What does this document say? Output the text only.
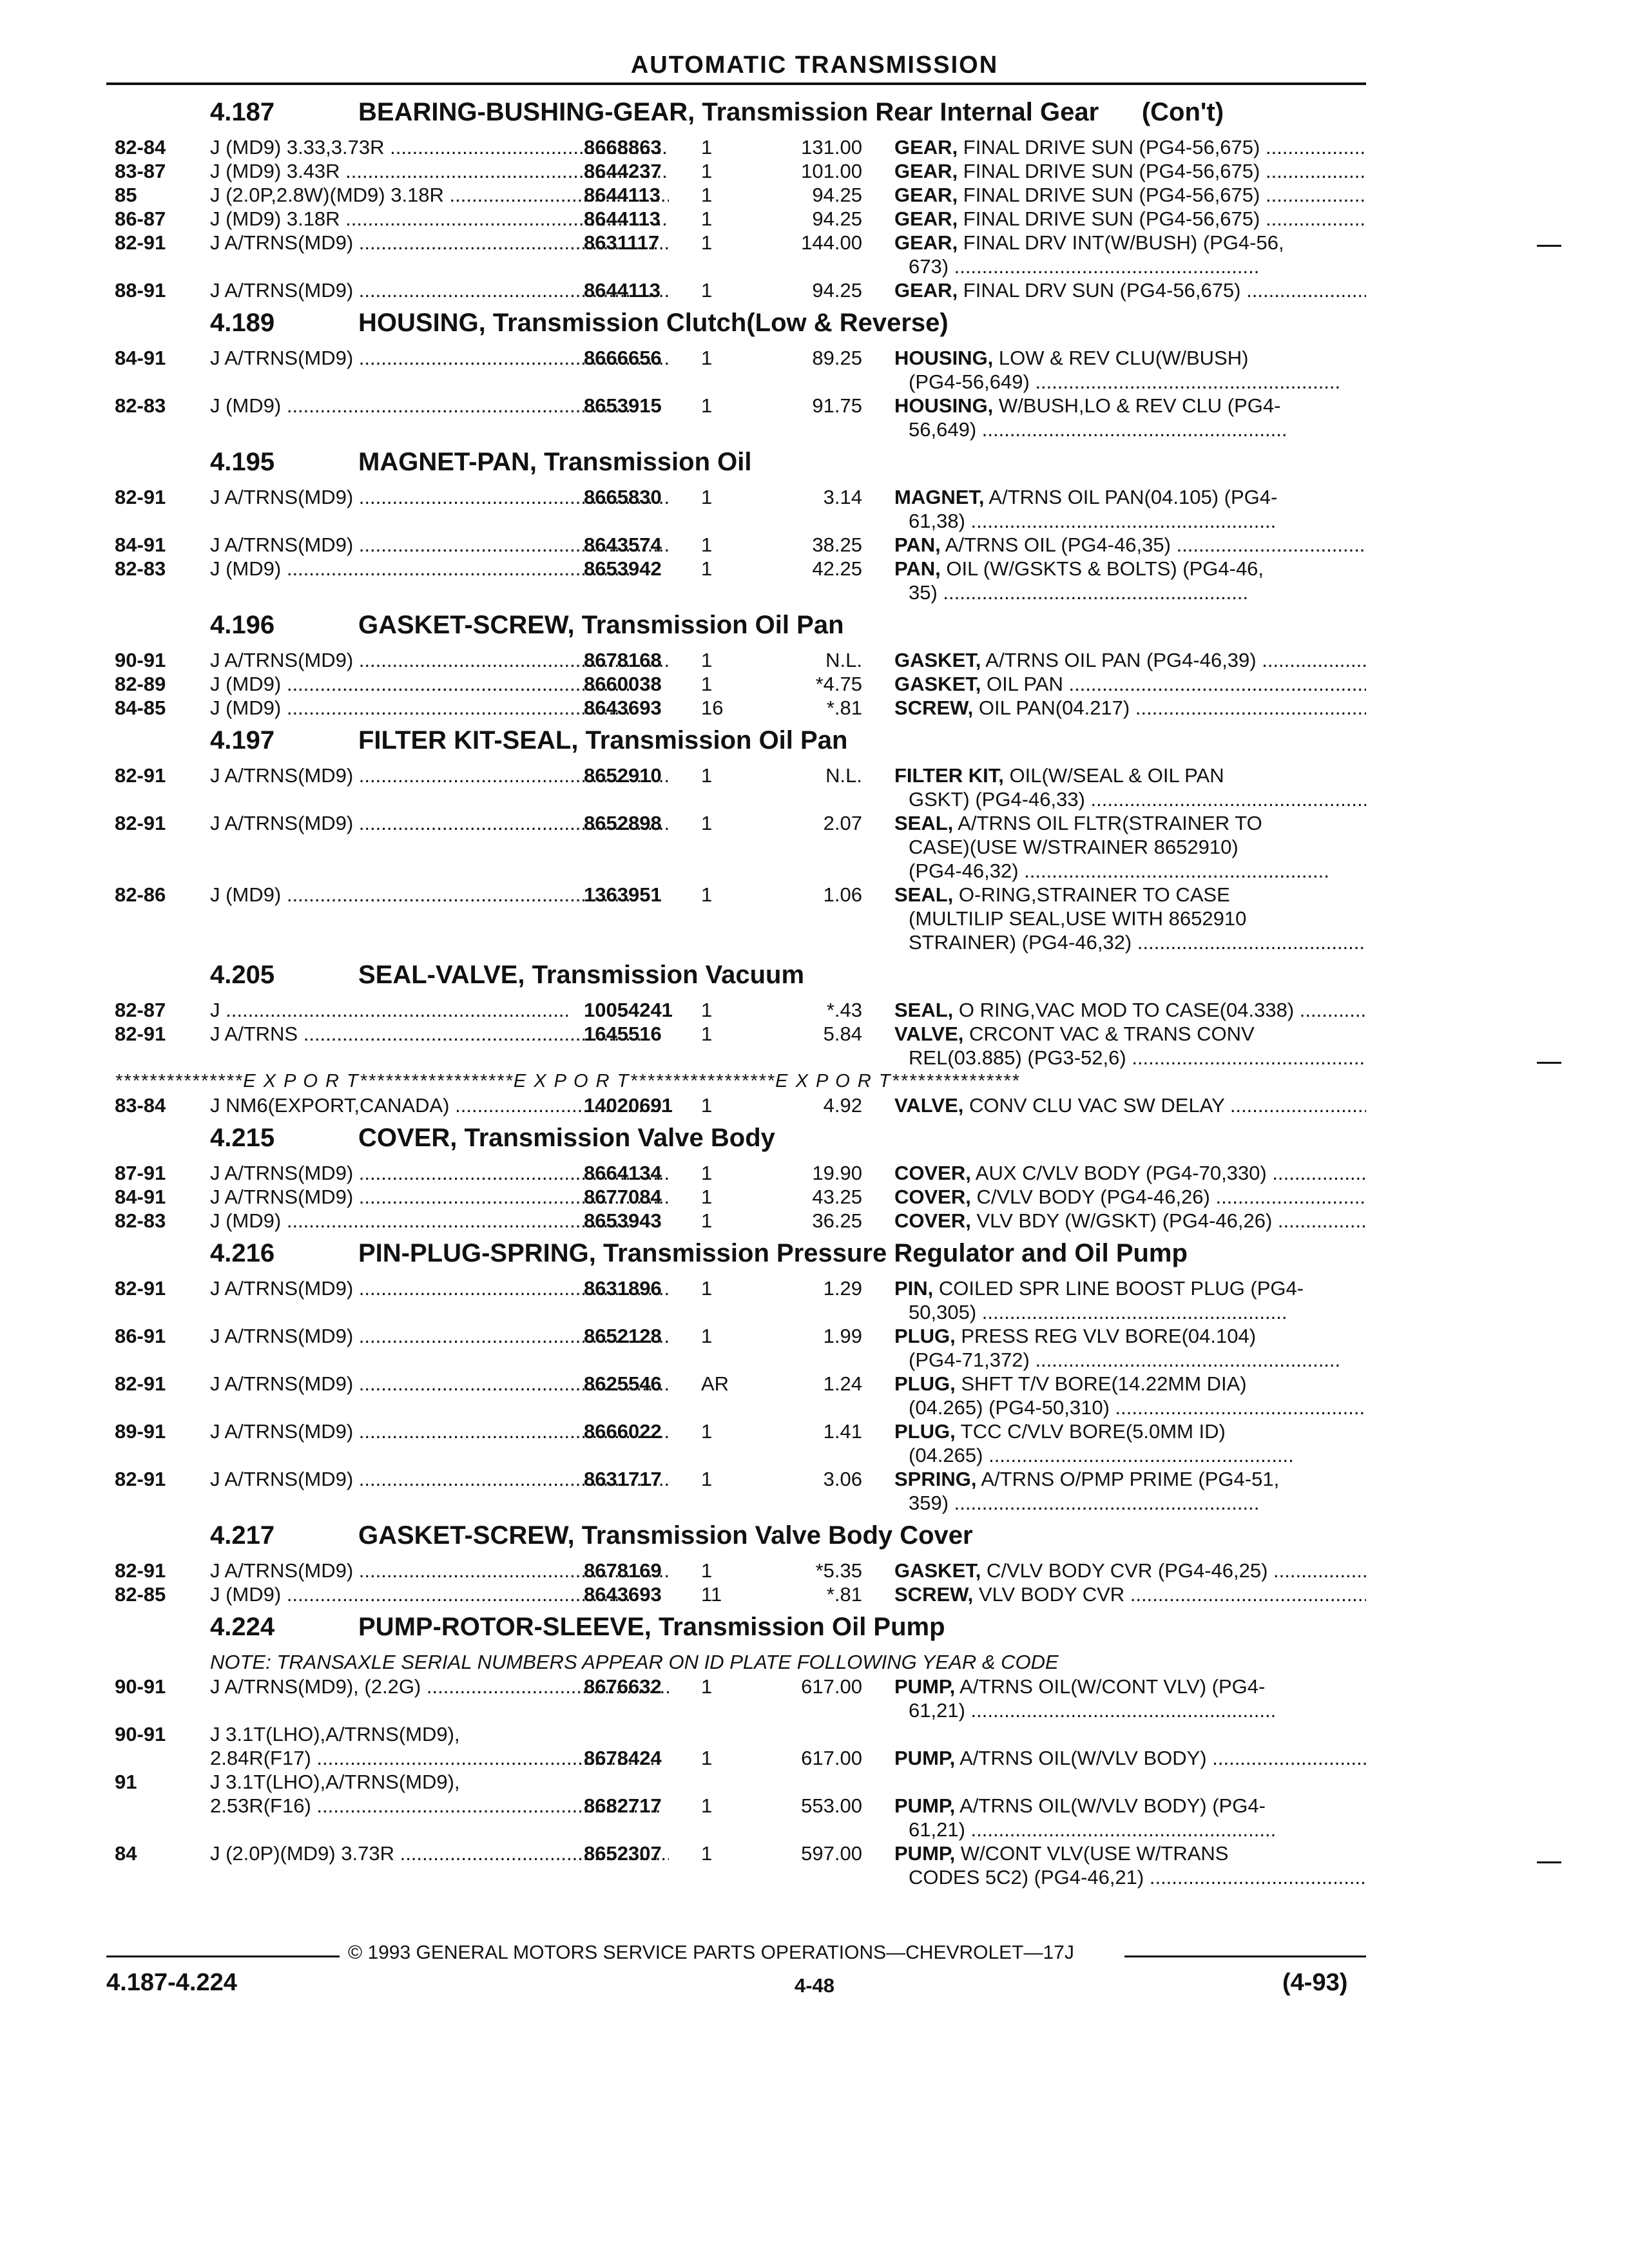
AUTOMATIC TRANSMISSION
4.187	BEARING-BUSHING-GEAR, Transmission Rear Internal Gear      (Con't)
82-84 J (MD9) 3.33,3.73R .....	8668863 1	131.00 GEAR, FINAL DRIVE SUN (PG4-56,675) .....
83-87 J (MD9) 3.43R .....	8644237 1	101.00 GEAR, FINAL DRIVE SUN (PG4-56,675) .....
85	J (2.0P,2.8W)(MD9) 3.18R .....	8644113 1	94.25 GEAR, FINAL DRIVE SUN (PG4-56,675) .....
86-87 J (MD9) 3.18R .....	8644113 1	94.25 GEAR, FINAL DRIVE SUN (PG4-56,675) .....
82-91 J A/TRNS(MD9) .....	8631117 1	144.00 GEAR, FINAL DRV INT(W/BUSH) (PG4-56,
673) .....
88-91 J A/TRNS(MD9) .....	8644113 1	94.25 GEAR, FINAL DRV SUN (PG4-56,675) .....
4.189	HOUSING, Transmission Clutch(Low & Reverse)
84-91 J A/TRNS(MD9) .....	8666656 1	89.25 HOUSING, LOW & REV CLU(W/BUSH)
(PG4-56,649) .....
82-83 J (MD9) .....	8653915 1	91.75 HOUSING, W/BUSH,LO & REV CLU (PG4-
56,649) .....
4.195	MAGNET-PAN, Transmission Oil
82-91 J A/TRNS(MD9) .....	8665830 1	3.14 MAGNET, A/TRNS OIL PAN(04.105) (PG4-
61,38) .....
84-91 J A/TRNS(MD9) .....	8643574 1	38.25 PAN, A/TRNS OIL (PG4-46,35) .....
82-83 J (MD9) .....	8653942 1	42.25 PAN, OIL (W/GSKTS & BOLTS) (PG4-46,
35) .....
4.196	GASKET-SCREW, Transmission Oil Pan
90-91 J A/TRNS(MD9) .....	8678168 1	N.L. GASKET, A/TRNS OIL PAN (PG4-46,39) .....
82-89 J (MD9) .....	8660038 1	*4.75 GASKET, OIL PAN .....
84-85 J (MD9) .....	8643693 16	*.81 SCREW, OIL PAN(04.217) .....
4.197	FILTER KIT-SEAL, Transmission Oil Pan
82-91 J A/TRNS(MD9) .....	8652910 1	N.L. FILTER KIT, OIL(W/SEAL & OIL PAN
GSKT) (PG4-46,33) .....
82-91 J A/TRNS(MD9) .....	8652898 1	2.07 SEAL, A/TRNS OIL FLTR(STRAINER TO
CASE)(USE W/STRAINER 8652910)
(PG4-46,32) .....
82-86 J (MD9) .....	1363951 1	1.06 SEAL, O-RING,STRAINER TO CASE
(MULTILIP SEAL,USE WITH 8652910
STRAINER) (PG4-46,32) .....
4.205	SEAL-VALVE, Transmission Vacuum
82-87 J .....	10054241 1	*.43 SEAL, O RING,VAC MOD TO CASE(04.338) .....
82-91 J A/TRNS .....	1645516 1	5.84 VALVE, CRCONT VAC & TRANS CONV
REL(03.885) (PG3-52,6) .....
***************E X P O R T******************E X P O R T*****************E X P O R T***************
83-84 J NM6(EXPORT,CANADA) .....	14020691 1	4.92 VALVE, CONV CLU VAC SW DELAY .....
4.215	COVER, Transmission Valve Body
87-91 J A/TRNS(MD9) .....	8664134 1	19.90 COVER, AUX C/VLV BODY (PG4-70,330) .....
84-91 J A/TRNS(MD9) .....	8677084 1	43.25 COVER, C/VLV BODY (PG4-46,26) .....
82-83 J (MD9) .....	8653943 1	36.25 COVER, VLV BDY (W/GSKT) (PG4-46,26) .....
4.216	PIN-PLUG-SPRING, Transmission Pressure Regulator and Oil Pump
82-91 J A/TRNS(MD9) .....	8631896 1	1.29 PIN, COILED SPR LINE BOOST PLUG (PG4-
50,305) .....
86-91 J A/TRNS(MD9) .....	8652128 1	1.99 PLUG, PRESS REG VLV BORE(04.104)
(PG4-71,372) .....
82-91 J A/TRNS(MD9) .....	8625546 AR	1.24 PLUG, SHFT T/V BORE(14.22MM DIA)
(04.265) (PG4-50,310) .....
89-91 J A/TRNS(MD9) .....	8666022 1	1.41 PLUG, TCC C/VLV BORE(5.0MM ID)
(04.265) .....
82-91 J A/TRNS(MD9) .....	8631717 1	3.06 SPRING, A/TRNS O/PMP PRIME (PG4-51,
359) .....
4.217	GASKET-SCREW, Transmission Valve Body Cover
82-91 J A/TRNS(MD9) .....	8678169 1	*5.35 GASKET, C/VLV BODY CVR (PG4-46,25) .....
82-85 J (MD9) .....	8643693 11	*.81 SCREW, VLV BODY CVR .....
4.224	PUMP-ROTOR-SLEEVE, Transmission Oil Pump
NOTE: TRANSAXLE SERIAL NUMBERS APPEAR ON ID PLATE FOLLOWING YEAR & CODE
90-91 J A/TRNS(MD9), (2.2G) .....	8676632 1	617.00 PUMP, A/TRNS OIL(W/CONT VLV) (PG4-
61,21) .....
90-91 J 3.1T(LHO),A/TRNS(MD9),
2.84R(F17) .....	8678424 1	617.00 PUMP, A/TRNS OIL(W/VLV BODY) .....
91	J 3.1T(LHO),A/TRNS(MD9),
2.53R(F16) .....	8682717 1	553.00 PUMP, A/TRNS OIL(W/VLV BODY) (PG4-
61,21) .....
84	J (2.0P)(MD9) 3.73R .....	8652307 1	597.00 PUMP, W/CONT VLV(USE W/TRANS
CODES 5C2) (PG4-46,21) .....
© 1993 GENERAL MOTORS SERVICE PARTS OPERATIONS—CHEVROLET—17J
4.187-4.224	4-48	(4-93)
